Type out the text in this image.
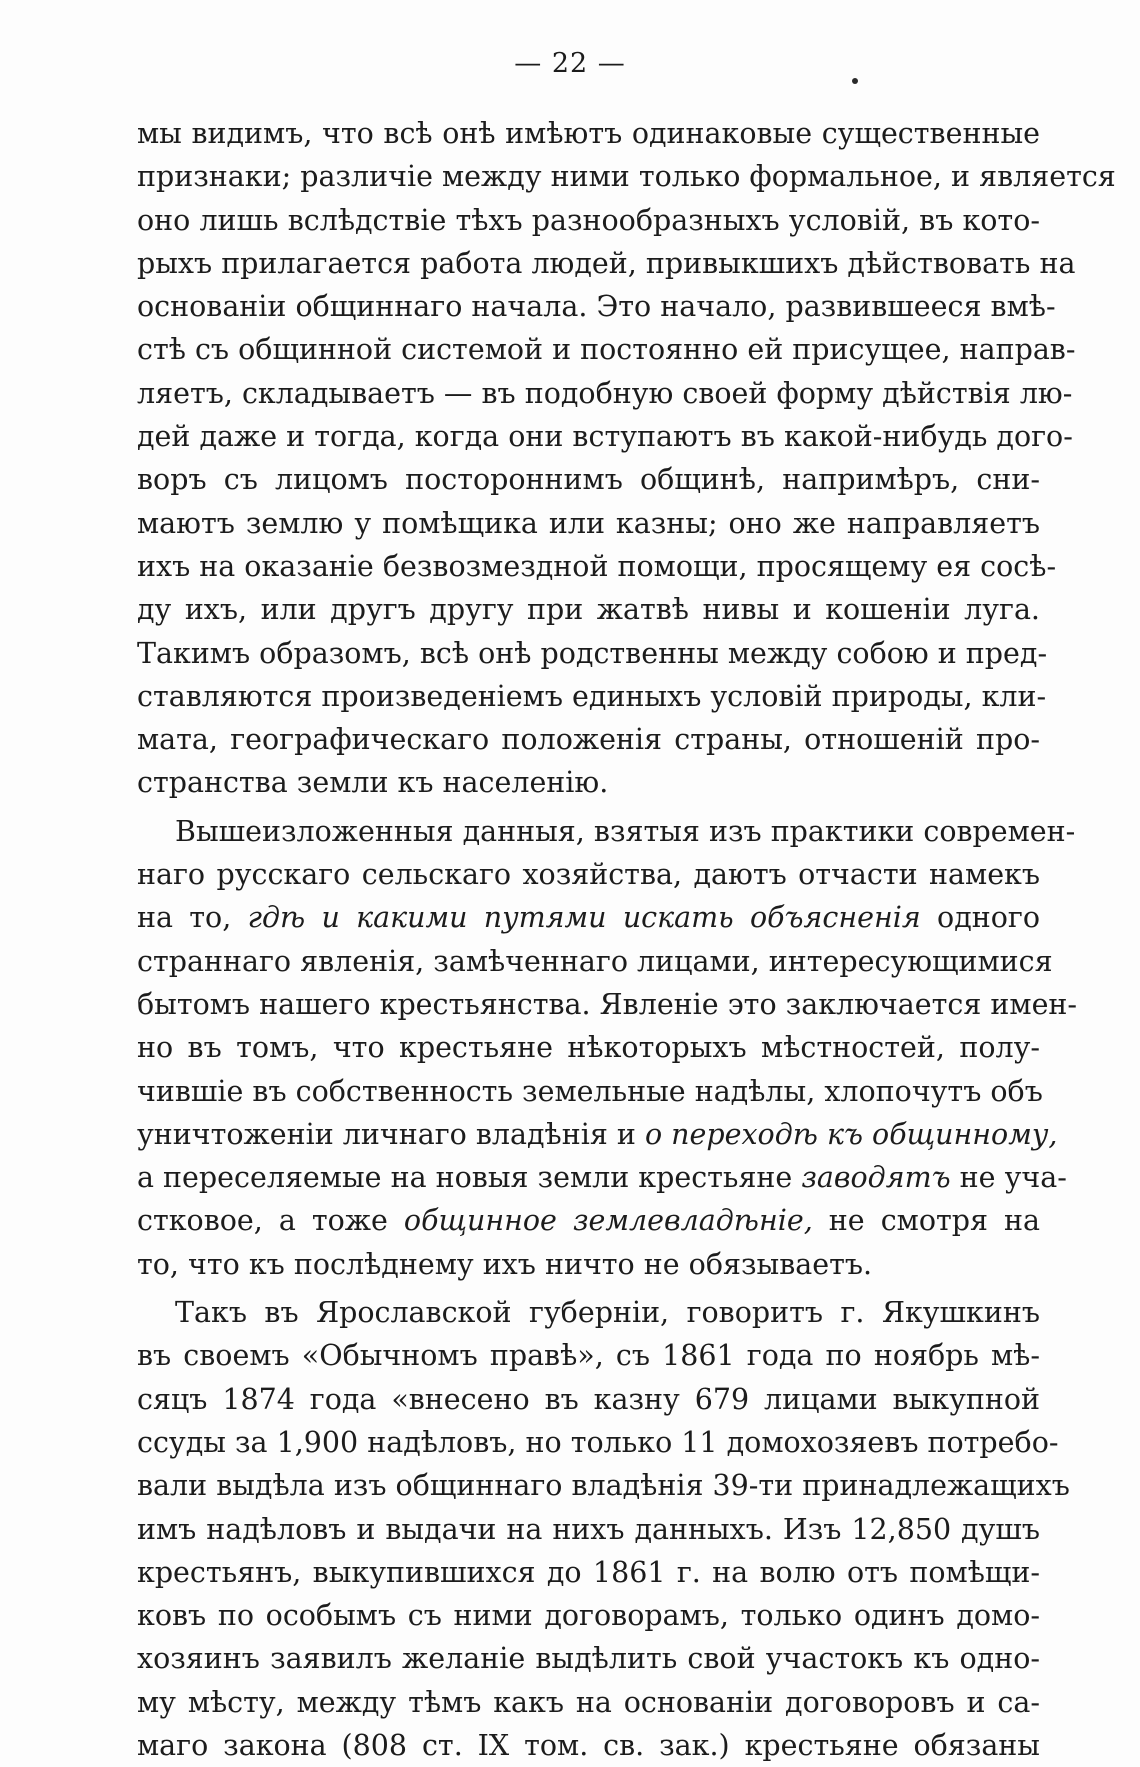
— 22 —
мы видимъ, что всѣ онѣ имѣютъ одинаковые существенные
признаки; различіе между ними только формальное, и является
оно лишь вслѣдствіе тѣхъ разнообразныхъ условій, въ кото-
рыхъ прилагается работа людей, привыкшихъ дѣйствовать на
основаніи общиннаго начала. Это начало, развившееся вмѣ-
стѣ съ общинной системой и постоянно ей присущее, направ-
ляетъ, складываетъ — въ подобную своей форму дѣйствія лю-
дей даже и тогда, когда они вступаютъ въ какой-нибудь дого-
воръ съ лицомъ постороннимъ общинѣ, напримѣръ, сни-
маютъ землю у помѣщика или казны; оно же направляетъ
ихъ на оказаніе безвозмездной помощи, просящему ея сосѣ-
ду ихъ, или другъ другу при жатвѣ нивы и кошеніи луга.
Такимъ образомъ, всѣ онѣ родственны между собою и пред-
ставляются произведеніемъ единыхъ условій природы, кли-
мата, географическаго положенія страны, отношеній про-
странства земли къ населенію.
Вышеизложенныя данныя, взятыя изъ практики современ-
наго русскаго сельскаго хозяйства, даютъ отчасти намекъ
на то, гдѣ и какими путями искать объясненія одного
страннаго явленія, замѣченнаго лицами, интересующимися
бытомъ нашего крестьянства. Явленіе это заключается имен-
но въ томъ, что крестьяне нѣкоторыхъ мѣстностей, полу-
чившіе въ собственность земельные надѣлы, хлопочутъ объ
уничтоженіи личнаго владѣнія и о переходѣ къ общинному,
а переселяемые на новыя земли крестьяне заводятъ не уча-
стковое, а тоже общинное землевладѣніе, не смотря на
то, что къ послѣднему ихъ ничто не обязываетъ.
Такъ въ Ярославской губерніи, говоритъ г. Якушкинъ
въ своемъ «Обычномъ правѣ», съ 1861 года по ноябрь мѣ-
сяцъ 1874 года «внесено въ казну 679 лицами выкупной
ссуды за 1,900 надѣловъ, но только 11 домохозяевъ потребо-
вали выдѣла изъ общиннаго владѣнія 39-ти принадлежащихъ
имъ надѣловъ и выдачи на нихъ данныхъ. Изъ 12,850 душъ
крестьянъ, выкупившихся до 1861 г. на волю отъ помѣщи-
ковъ по особымъ съ ними договорамъ, только одинъ домо-
хозяинъ заявилъ желаніе выдѣлить свой участокъ къ одно-
му мѣсту, между тѣмъ какъ на основаніи договоровъ и са-
маго закона (808 ст. IX том. св. зак.) крестьяне обязаны
